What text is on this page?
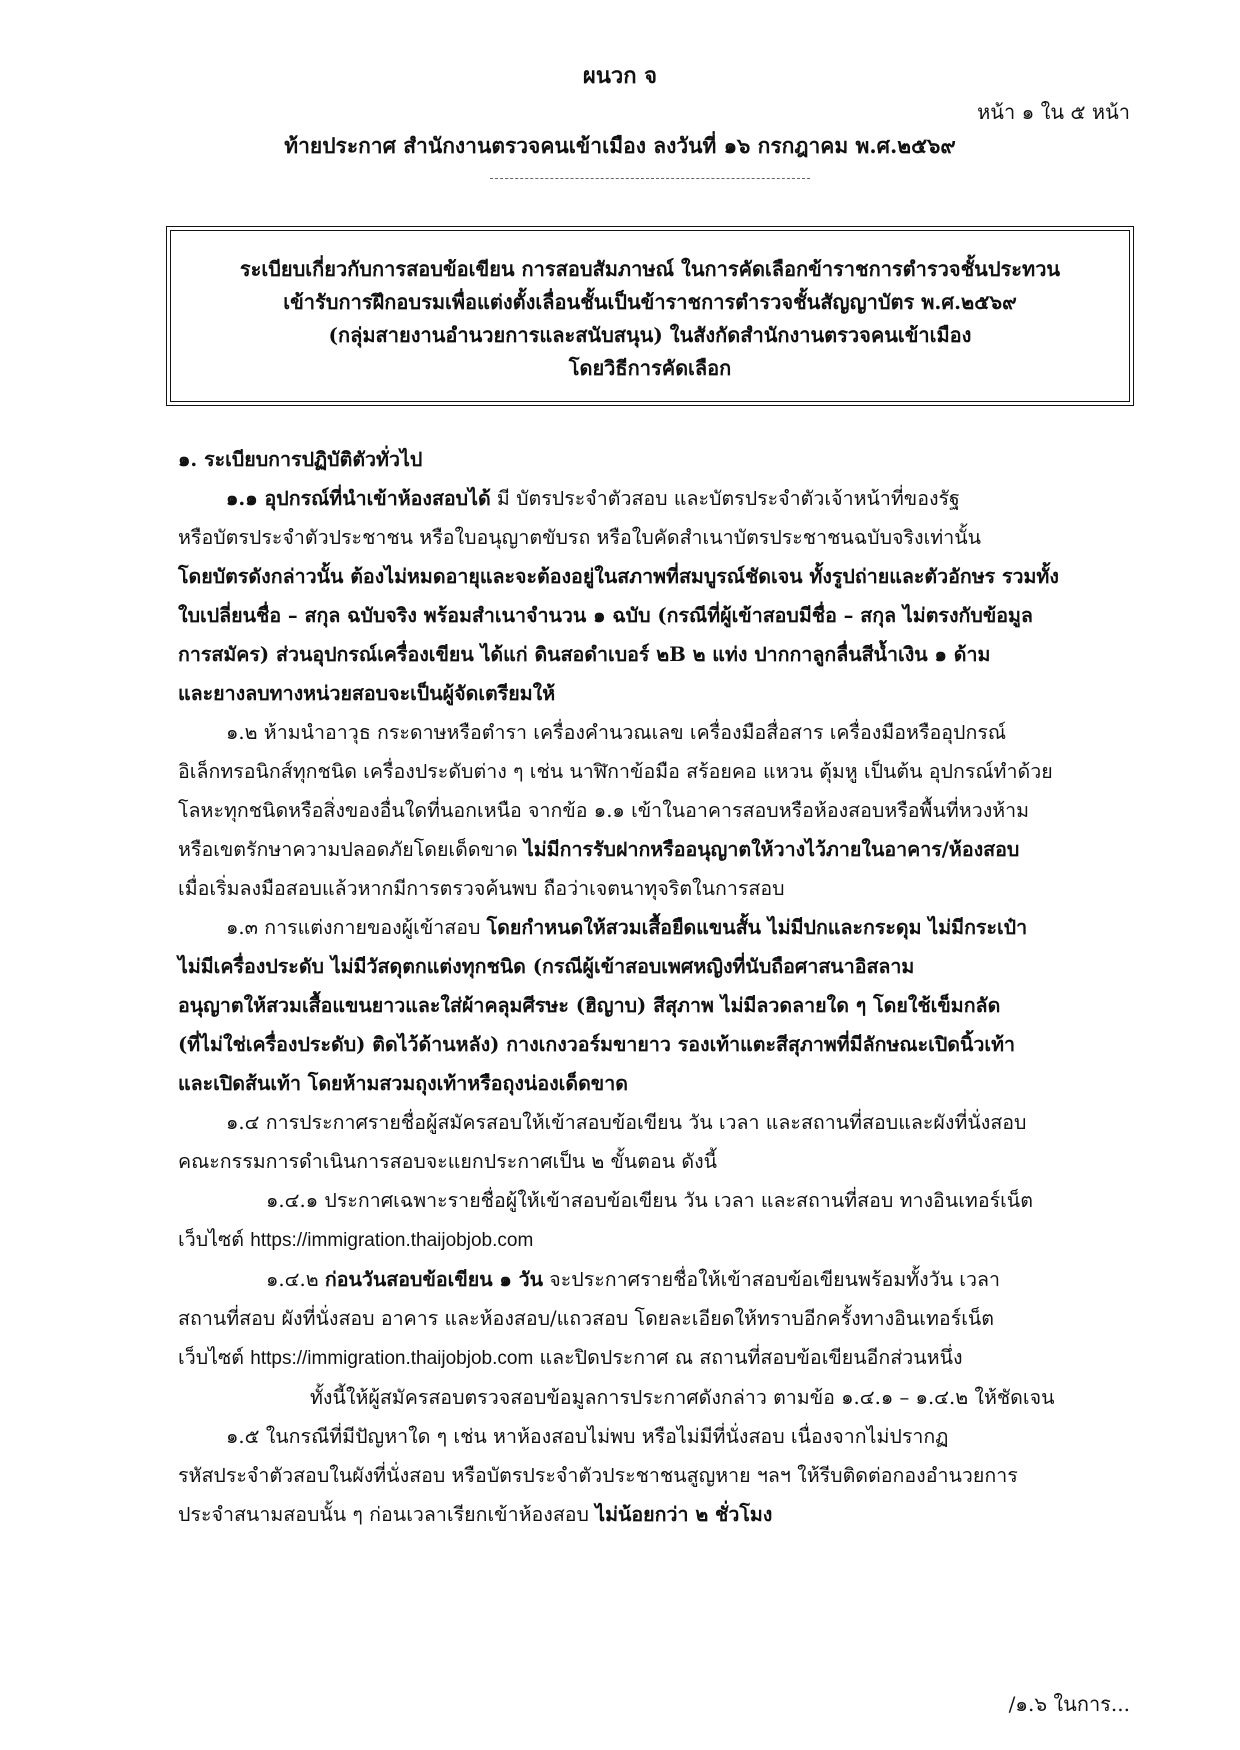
ผนวก จ
หน้า ๑ ใน ๕ หน้า
ท้ายประกาศ สำนักงานตรวจคนเข้าเมือง ลงวันที่ ๑๖ กรกฎาคม พ.ศ.๒๕๖๙
ระเบียบเกี่ยวกับการสอบข้อเขียน การสอบสัมภาษณ์ ในการคัดเลือกข้าราชการตำรวจชั้นประทวน
เข้ารับการฝึกอบรมเพื่อแต่งตั้งเลื่อนชั้นเป็นข้าราชการตำรวจชั้นสัญญาบัตร พ.ศ.๒๕๖๙
(กลุ่มสายงานอำนวยการและสนับสนุน) ในสังกัดสำนักงานตรวจคนเข้าเมือง
โดยวิธีการคัดเลือก
๑. ระเบียบการปฏิบัติตัวทั่วไป
๑.๑ อุปกรณ์ที่นำเข้าห้องสอบได้ มี บัตรประจำตัวสอบ และบัตรประจำตัวเจ้าหน้าที่ของรัฐ
หรือบัตรประจำตัวประชาชน หรือใบอนุญาตขับรถ หรือใบคัดสำเนาบัตรประชาชนฉบับจริงเท่านั้น
โดยบัตรดังกล่าวนั้น ต้องไม่หมดอายุและจะต้องอยู่ในสภาพที่สมบูรณ์ชัดเจน ทั้งรูปถ่ายและตัวอักษร รวมทั้ง
ใบเปลี่ยนชื่อ – สกุล ฉบับจริง พร้อมสำเนาจำนวน ๑ ฉบับ (กรณีที่ผู้เข้าสอบมีชื่อ – สกุล ไม่ตรงกับข้อมูล
การสมัคร) ส่วนอุปกรณ์เครื่องเขียน ได้แก่ ดินสอดำเบอร์ ๒B ๒ แท่ง ปากกาลูกลื่นสีน้ำเงิน ๑ ด้าม
และยางลบทางหน่วยสอบจะเป็นผู้จัดเตรียมให้
๑.๒ ห้ามนำอาวุธ กระดาษหรือตำรา เครื่องคำนวณเลข เครื่องมือสื่อสาร เครื่องมือหรืออุปกรณ์
อิเล็กทรอนิกส์ทุกชนิด เครื่องประดับต่าง ๆ เช่น นาฬิกาข้อมือ สร้อยคอ แหวน ตุ้มหู เป็นต้น อุปกรณ์ทำด้วย
โลหะทุกชนิดหรือสิ่งของอื่นใดที่นอกเหนือ จากข้อ ๑.๑ เข้าในอาคารสอบหรือห้องสอบหรือพื้นที่หวงห้าม
หรือเขตรักษาความปลอดภัยโดยเด็ดขาด ไม่มีการรับฝากหรืออนุญาตให้วางไว้ภายในอาคาร/ห้องสอบ
เมื่อเริ่มลงมือสอบแล้วหากมีการตรวจค้นพบ ถือว่าเจตนาทุจริตในการสอบ
๑.๓ การแต่งกายของผู้เข้าสอบ โดยกำหนดให้สวมเสื้อยืดแขนสั้น ไม่มีปกและกระดุม ไม่มีกระเป๋า
ไม่มีเครื่องประดับ ไม่มีวัสดุตกแต่งทุกชนิด (กรณีผู้เข้าสอบเพศหญิงที่นับถือศาสนาอิสลาม
อนุญาตให้สวมเสื้อแขนยาวและใส่ผ้าคลุมศีรษะ (ฮิญาบ) สีสุภาพ ไม่มีลวดลายใด ๆ โดยใช้เข็มกลัด
(ที่ไม่ใช่เครื่องประดับ) ติดไว้ด้านหลัง) กางเกงวอร์มขายาว รองเท้าแตะสีสุภาพที่มีลักษณะเปิดนิ้วเท้า
และเปิดส้นเท้า โดยห้ามสวมถุงเท้าหรือถุงน่องเด็ดขาด
๑.๔ การประกาศรายชื่อผู้สมัครสอบให้เข้าสอบข้อเขียน วัน เวลา และสถานที่สอบและผังที่นั่งสอบ
คณะกรรมการดำเนินการสอบจะแยกประกาศเป็น ๒ ขั้นตอน ดังนี้
๑.๔.๑ ประกาศเฉพาะรายชื่อผู้ให้เข้าสอบข้อเขียน วัน เวลา และสถานที่สอบ ทางอินเทอร์เน็ต
เว็บไซต์ https://immigration.thaijobjob.com
๑.๔.๒ ก่อนวันสอบข้อเขียน ๑ วัน จะประกาศรายชื่อให้เข้าสอบข้อเขียนพร้อมทั้งวัน เวลา
สถานที่สอบ ผังที่นั่งสอบ อาคาร และห้องสอบ/แถวสอบ โดยละเอียดให้ทราบอีกครั้งทางอินเทอร์เน็ต
เว็บไซต์ https://immigration.thaijobjob.com และปิดประกาศ ณ สถานที่สอบข้อเขียนอีกส่วนหนึ่ง
ทั้งนี้ให้ผู้สมัครสอบตรวจสอบข้อมูลการประกาศดังกล่าว ตามข้อ ๑.๔.๑ – ๑.๔.๒ ให้ชัดเจน
๑.๕ ในกรณีที่มีปัญหาใด ๆ เช่น หาห้องสอบไม่พบ หรือไม่มีที่นั่งสอบ เนื่องจากไม่ปรากฏ
รหัสประจำตัวสอบในผังที่นั่งสอบ หรือบัตรประจำตัวประชาชนสูญหาย ฯลฯ ให้รีบติดต่อกองอำนวยการ
ประจำสนามสอบนั้น ๆ ก่อนเวลาเรียกเข้าห้องสอบ ไม่น้อยกว่า ๒ ชั่วโมง
/๑.๖ ในการ...
